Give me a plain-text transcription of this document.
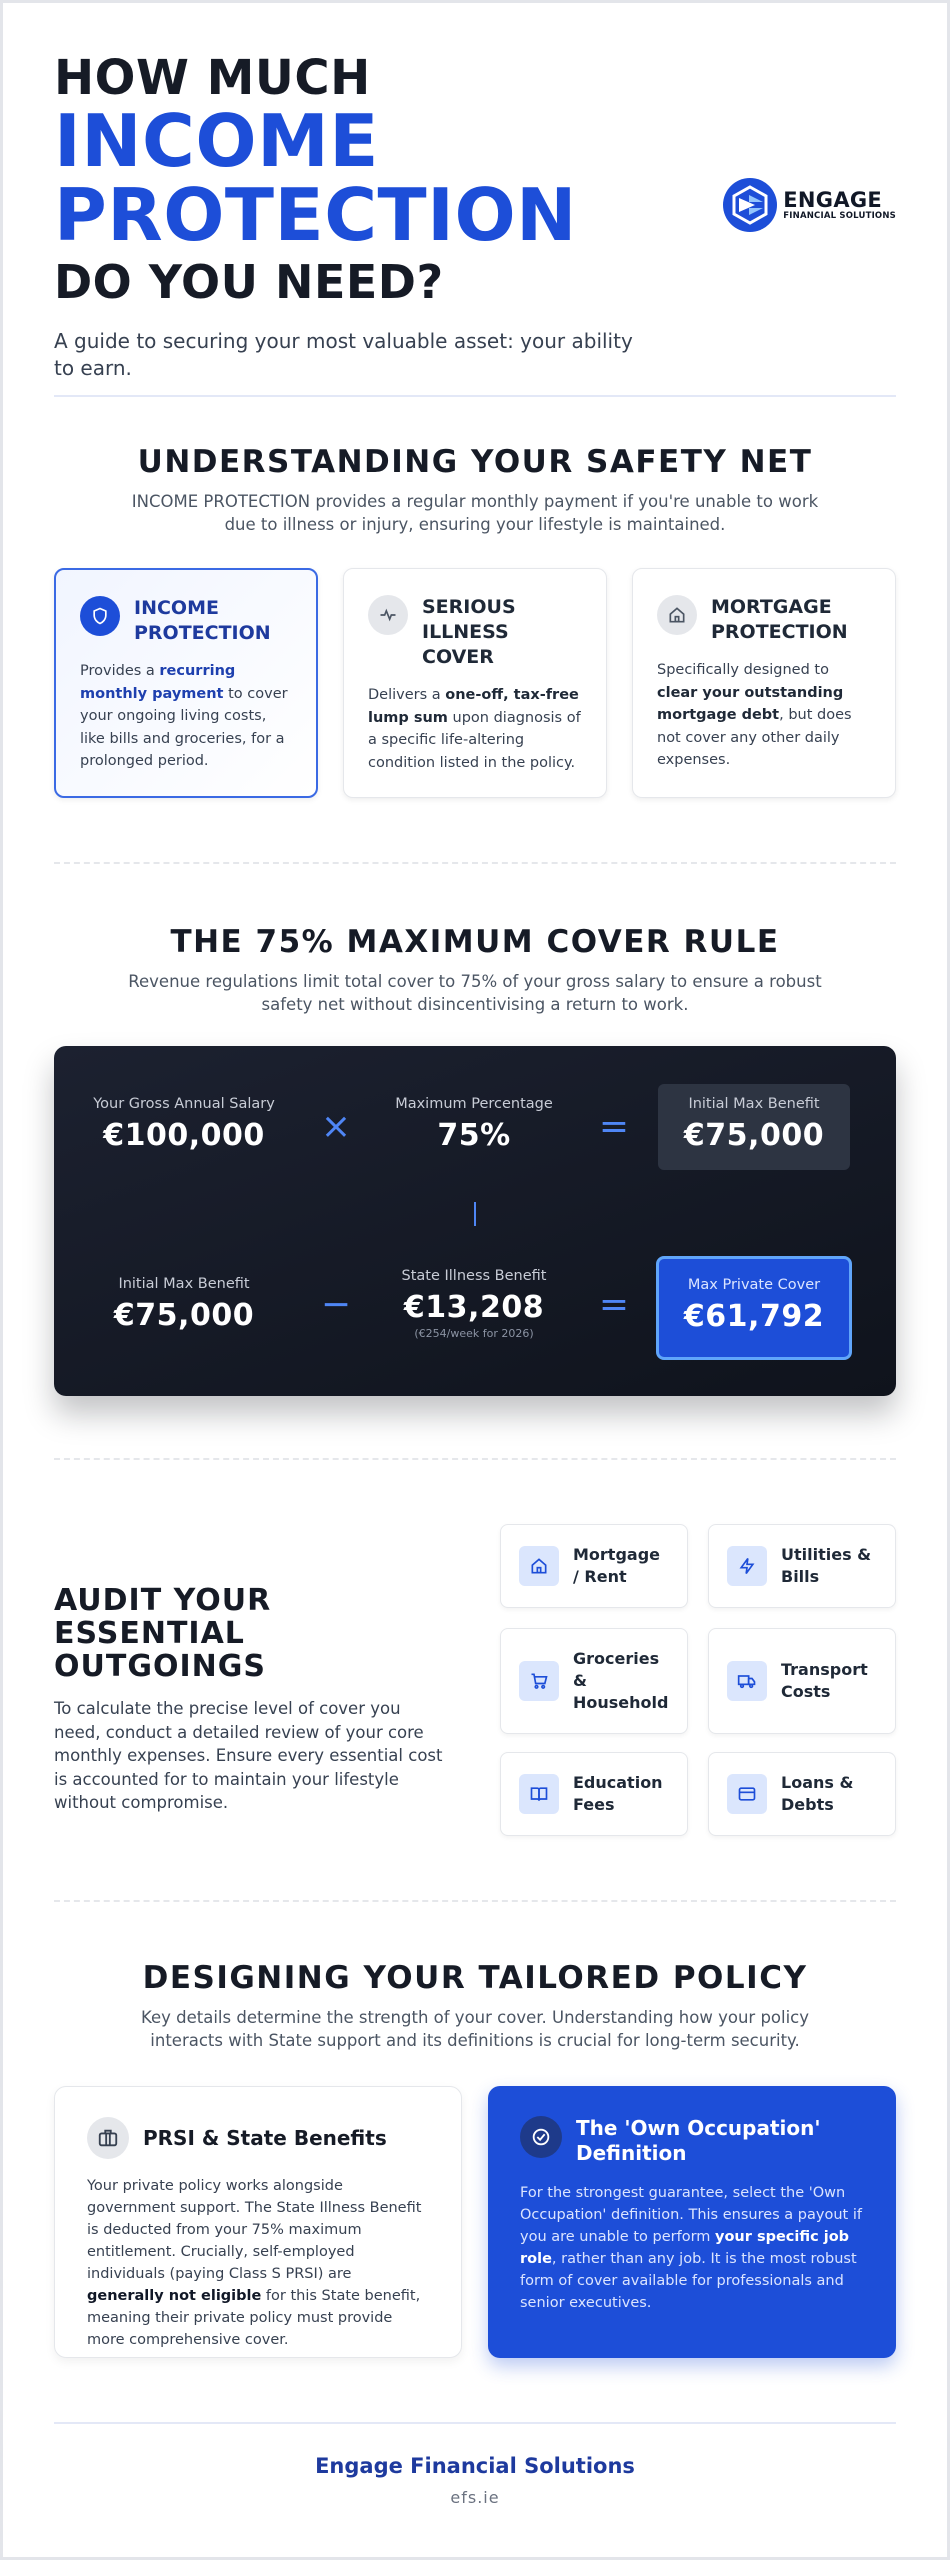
HOW MUCH
INCOME
PROTECTION
DO YOU NEED?
A guide to securing your most valuable asset: your ability to earn.
ENGAGE
FINANCIAL SOLUTIONS
UNDERSTANDING YOUR SAFETY NET
INCOME PROTECTION provides a regular monthly payment if you're unable to work due to illness or injury, ensuring your lifestyle is maintained.
INCOME PROTECTION
Provides a recurring monthly payment to cover your ongoing living costs, like bills and groceries, for a prolonged period.
SERIOUS ILLNESS COVER
Delivers a one-off, tax-free lump sum upon diagnosis of a specific life-altering condition listed in the policy.
MORTGAGE PROTECTION
Specifically designed to clear your outstanding mortgage debt, but does not cover any other daily expenses.
THE 75% MAXIMUM COVER RULE
Revenue regulations limit total cover to 75% of your gross salary to ensure a robust safety net without disincentivising a return to work.
Your Gross Annual Salary
€100,000	×
Maximum Percentage
75%	=
Initial Max Benefit
€75,000
Initial Max Benefit
€75,000	−
State Illness Benefit
€13,208
(€254/week for 2026)
=	Max Private Cover
€61,792
AUDIT YOUR ESSENTIAL OUTGOINGS
To calculate the precise level of cover you need, conduct a detailed review of your core monthly expenses. Ensure every essential cost is accounted for to maintain your lifestyle without compromise.
Mortgage / Rent
Utilities & Bills
Groceries & Household
Transport Costs
Education Fees
Loans & Debts
DESIGNING YOUR TAILORED POLICY
Key details determine the strength of your cover. Understanding how your policy interacts with State support and its definitions is crucial for long-term security.
PRSI & State Benefits
Your private policy works alongside government support. The State Illness Benefit is deducted from your 75% maximum entitlement. Crucially, self-employed individuals (paying Class S PRSI) are generally not eligible for this State benefit, meaning their private policy must provide more comprehensive cover.
The 'Own Occupation' Definition
For the strongest guarantee, select the 'Own Occupation' definition. This ensures a payout if you are unable to perform your specific job role, rather than any job. It is the most robust form of cover available for professionals and senior executives.
Engage Financial Solutions
efs.ie
